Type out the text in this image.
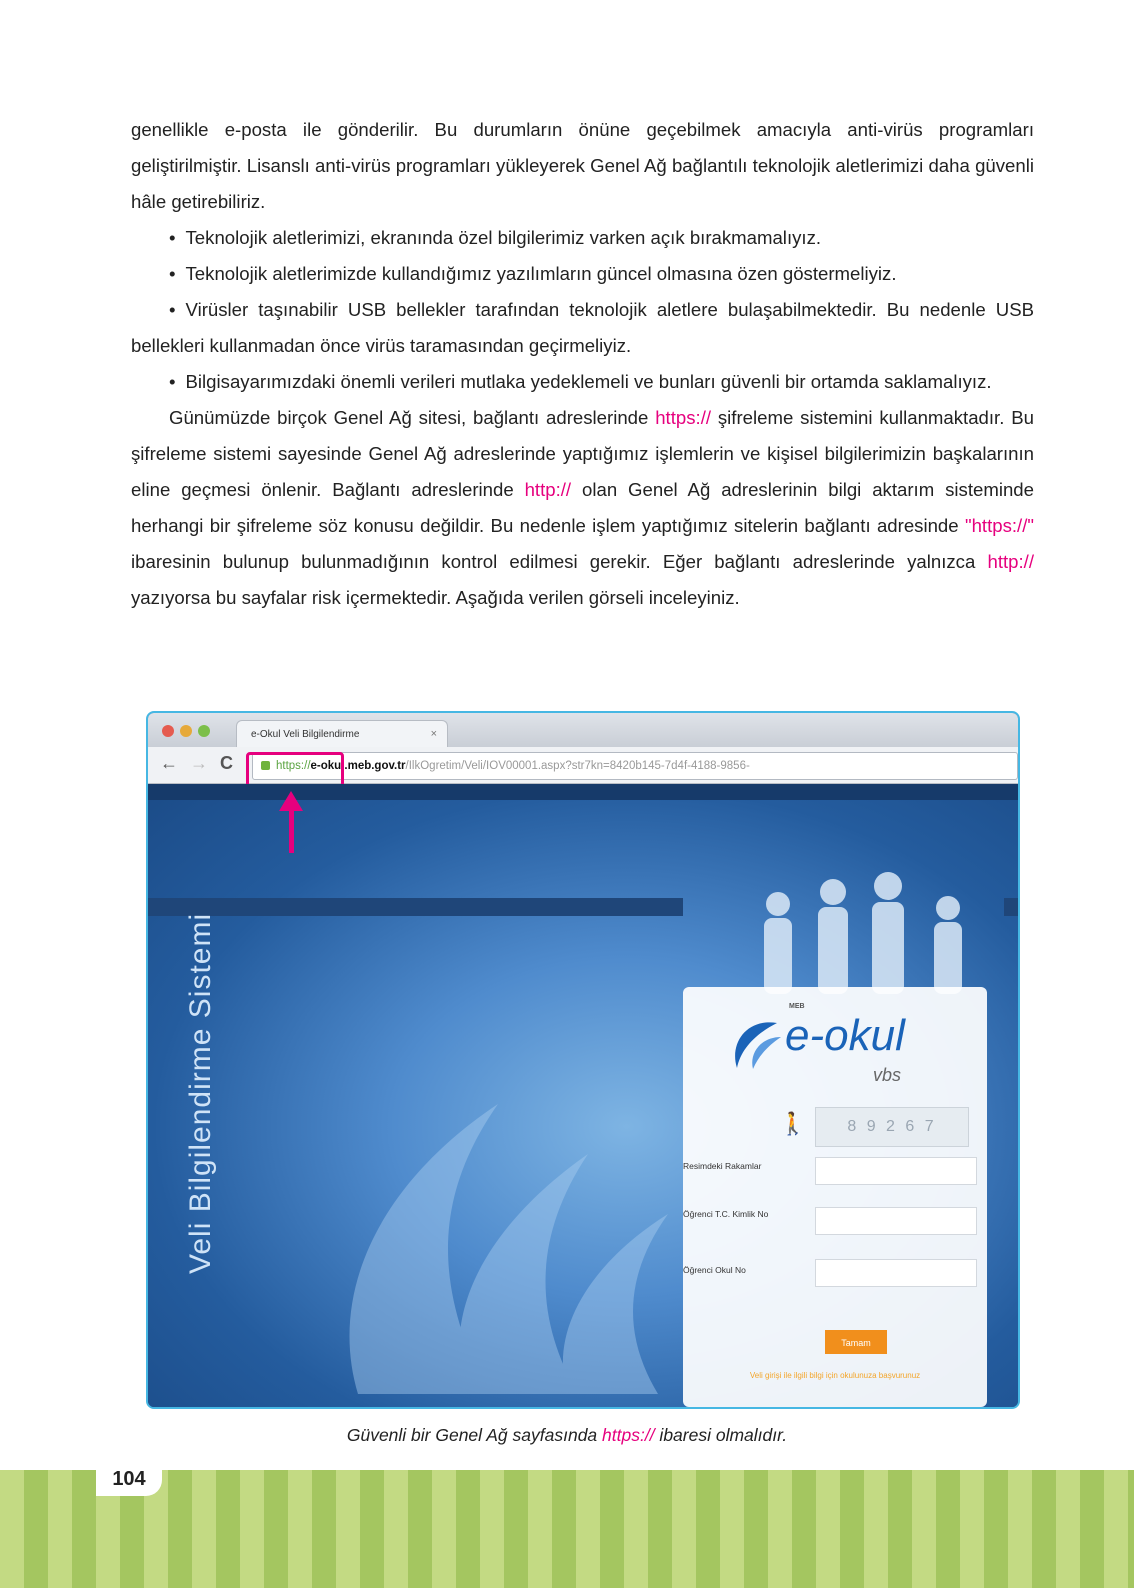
genellikle e-posta ile gönderilir. Bu durumların önüne geçebilmek amacıyla anti-virüs programları geliştirilmiştir. Lisanslı anti-virüs programları yükleyerek Genel Ağ bağlantılı teknolojik aletlerimizi daha güvenli hâle getirebiliriz.

• Teknolojik aletlerimizi, ekranında özel bilgilerimiz varken açık bırakmamalıyız.

• Teknolojik aletlerimizde kullandığımız yazılımların güncel olmasına özen göstermeliyiz.

• Virüsler taşınabilir USB bellekler tarafından teknolojik aletlere bulaşabilmektedir. Bu nedenle USB bellekleri kullanmadan önce virüs taramasından geçirmeliyiz.

• Bilgisayarımızdaki önemli verileri mutlaka yedeklemeli ve bunları güvenli bir ortamda saklamalıyız.

Günümüzde birçok Genel Ağ sitesi, bağlantı adreslerinde https:// şifreleme sistemini kullanmaktadır. Bu şifreleme sistemi sayesinde Genel Ağ adreslerinde yaptığımız işlemlerin ve kişisel bilgilerimizin başkalarının eline geçmesi önlenir. Bağlantı adreslerinde http:// olan Genel Ağ adreslerinin bilgi aktarım sisteminde herhangi bir şifreleme söz konusu değildir. Bu nedenle işlem yaptığımız sitelerin bağlantı adresinde "https://" ibaresinin bulunup bulunmadığının kontrol edilmesi gerekir. Eğer bağlantı adreslerinde yalnızca http:// yazıyorsa bu sayfalar risk içermektedir. Aşağıda verilen görseli inceleyiniz.

e-Okul Veli Bilgilendirme	×
← → C	https://e-okul.meb.gov.tr/IlkOgretim/Veli/IOV00001.aspx?str7kn=8420b145-7d4f-4188-9856-
Veli Bilgilendirme Sistemi	MEB
e-okul
vbs
🚶	8 9 2 6 7
Resimdeki Rakamlar
Öğrenci T.C. Kimlik No
Öğrenci Okul No
Tamam
Veli girişi ile ilgili bilgi için okulunuza başvurunuz
Güvenli bir Genel Ağ sayfasında https:// ibaresi olmalıdır.
104
